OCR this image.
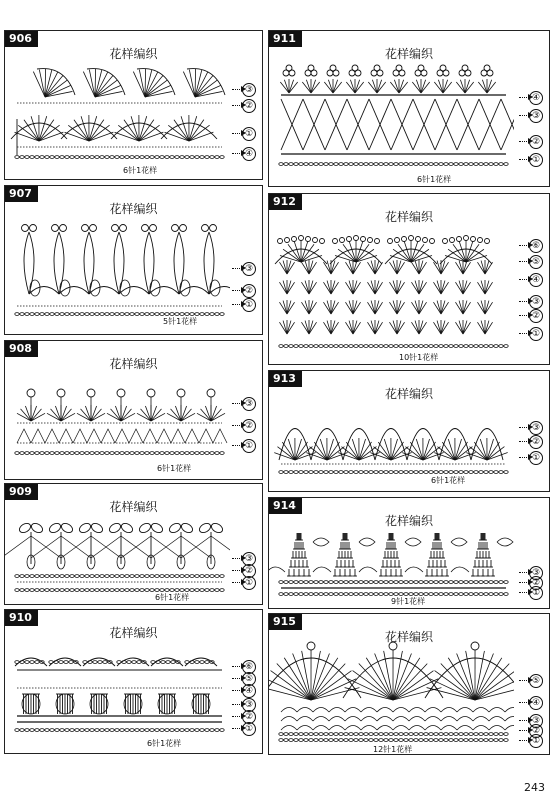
906
花样编织
③
②
①
④
6针1花样
907
花样编织
③
②
①
5针1花样
908
花样编织
③
②
①
6针1花样
909
花样编织
③
②
①
6针1花样
910
花样编织
⑥
⑤
④
③
②
①
6针1花样
911
花样编织
④
③
②
①
6针1花样
912
花样编织
⑥
⑤
④
③
②
①
10针1花样
913
花样编织
③
②
①
6针1花样
914
花样编织
③
②
①
9针1花样
915
花样编织
⑤
④
③
②
①
12针1花样
243
